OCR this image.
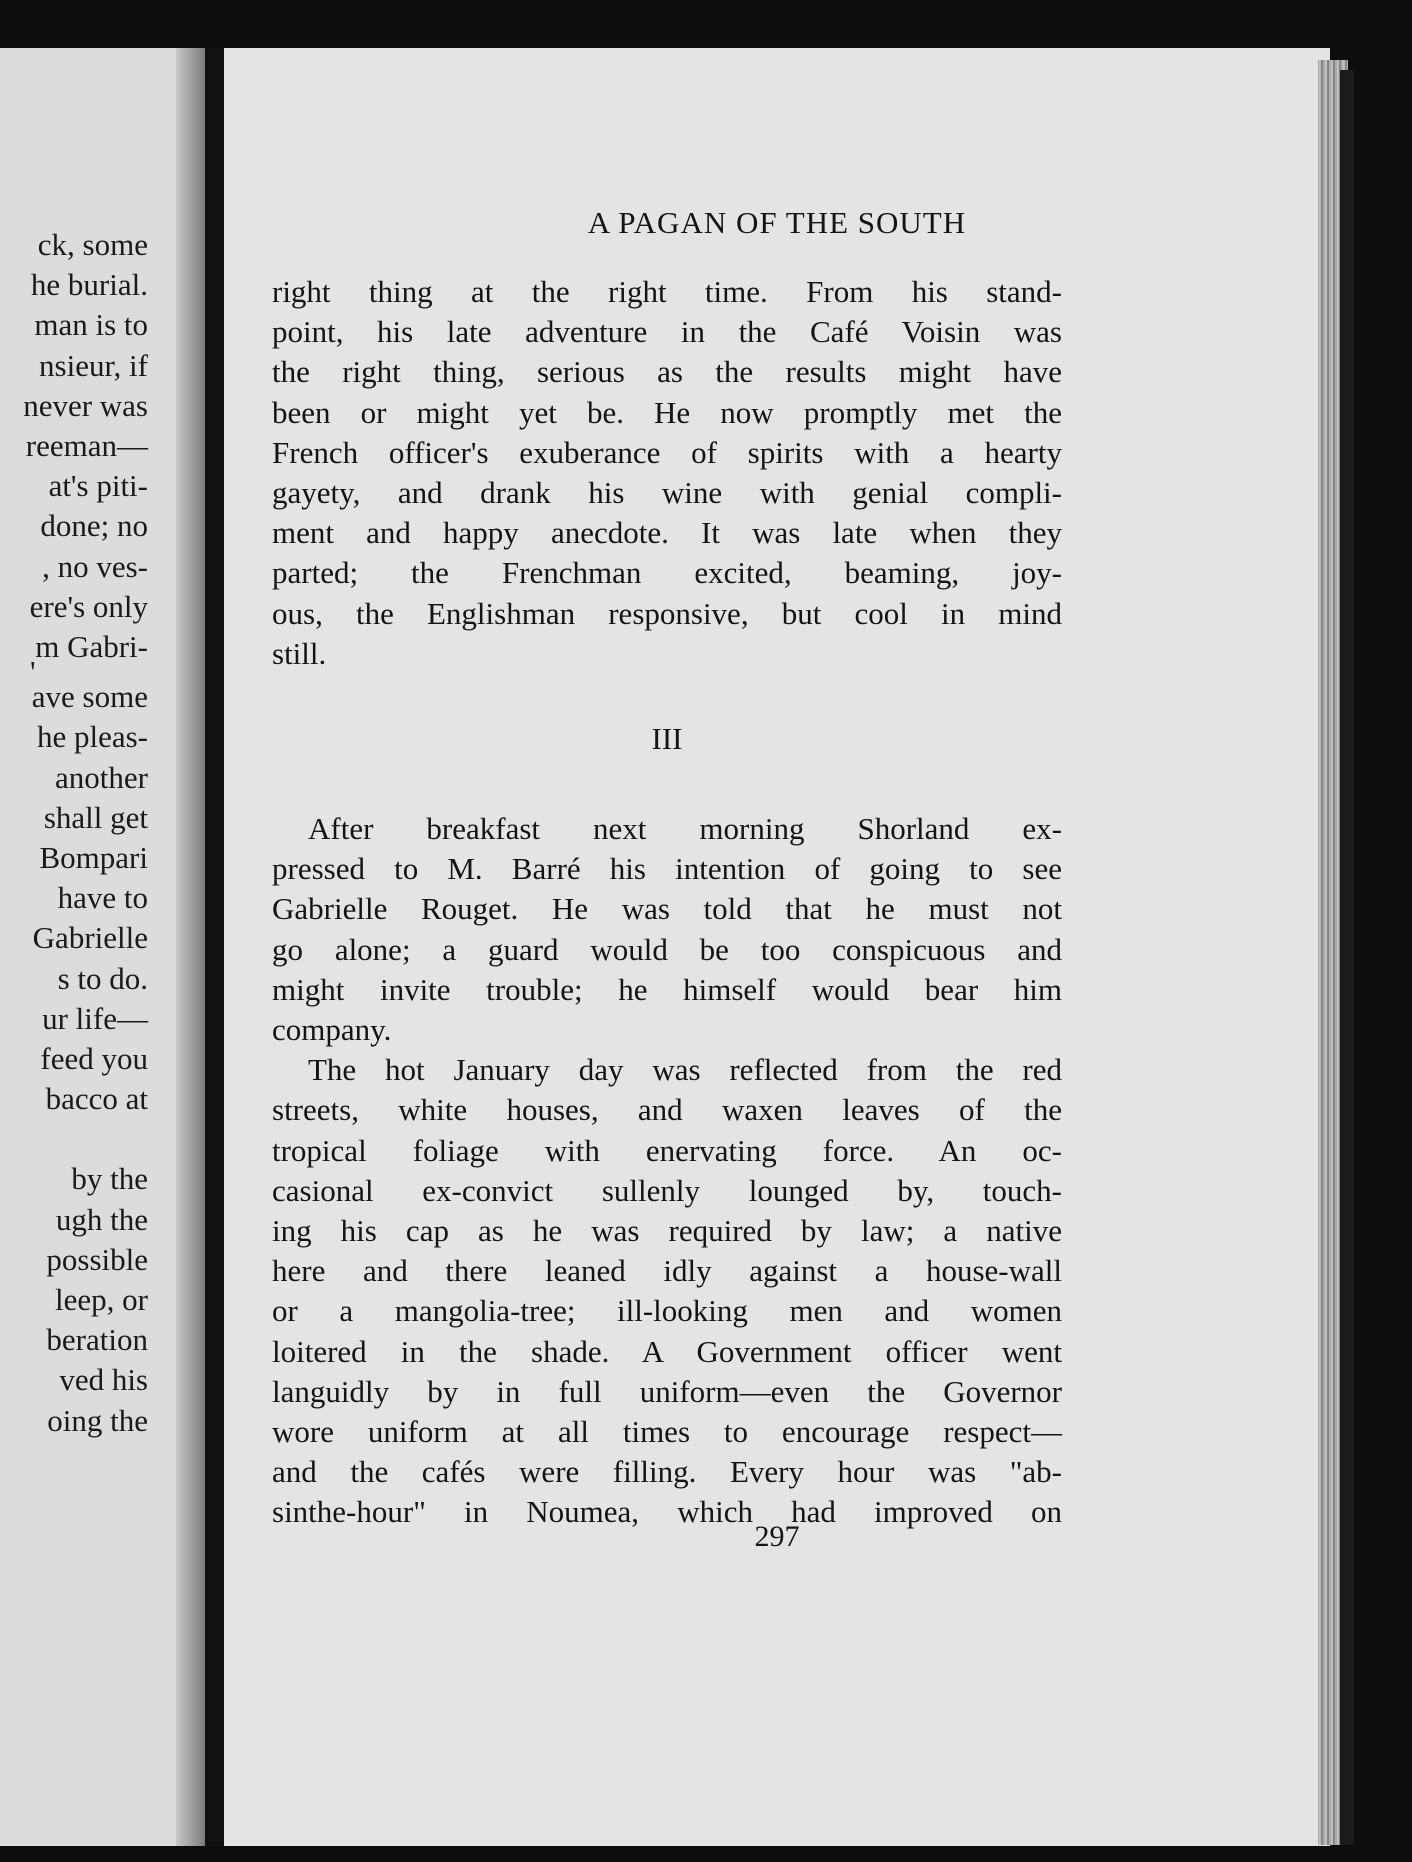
ck, some
he burial.
man is to
nsieur, if
never was
reeman—
at's piti-
done; no
, no ves-
ere's only
m Gabri-
'
ave some
he pleas-
another
shall get
Bompari
have to
Gabrielle
s to do.
ur life—
feed you
bacco at
by the
ugh the
possible
leep, or
beration
ved his
oing the
A PAGAN OF THE SOUTH
right thing at the right time. From his stand-
point, his late adventure in the Café Voisin was
the right thing, serious as the results might have
been or might yet be. He now promptly met the
French officer's exuberance of spirits with a hearty
gayety, and drank his wine with genial compli-
ment and happy anecdote. It was late when they
parted; the Frenchman excited, beaming, joy-
ous, the Englishman responsive, but cool in mind
still.
III
After breakfast next morning Shorland ex-
pressed to M. Barré his intention of going to see
Gabrielle Rouget. He was told that he must not
go alone; a guard would be too conspicuous and
might invite trouble; he himself would bear him
company.
The hot January day was reflected from the red
streets, white houses, and waxen leaves of the
tropical foliage with enervating force. An oc-
casional ex-convict sullenly lounged by, touch-
ing his cap as he was required by law; a native
here and there leaned idly against a house-wall
or a mangolia-tree; ill-looking men and women
loitered in the shade. A Government officer went
languidly by in full uniform—even the Governor
wore uniform at all times to encourage respect—
and the cafés were filling. Every hour was "ab-
sinthe-hour" in Noumea, which had improved on
297
